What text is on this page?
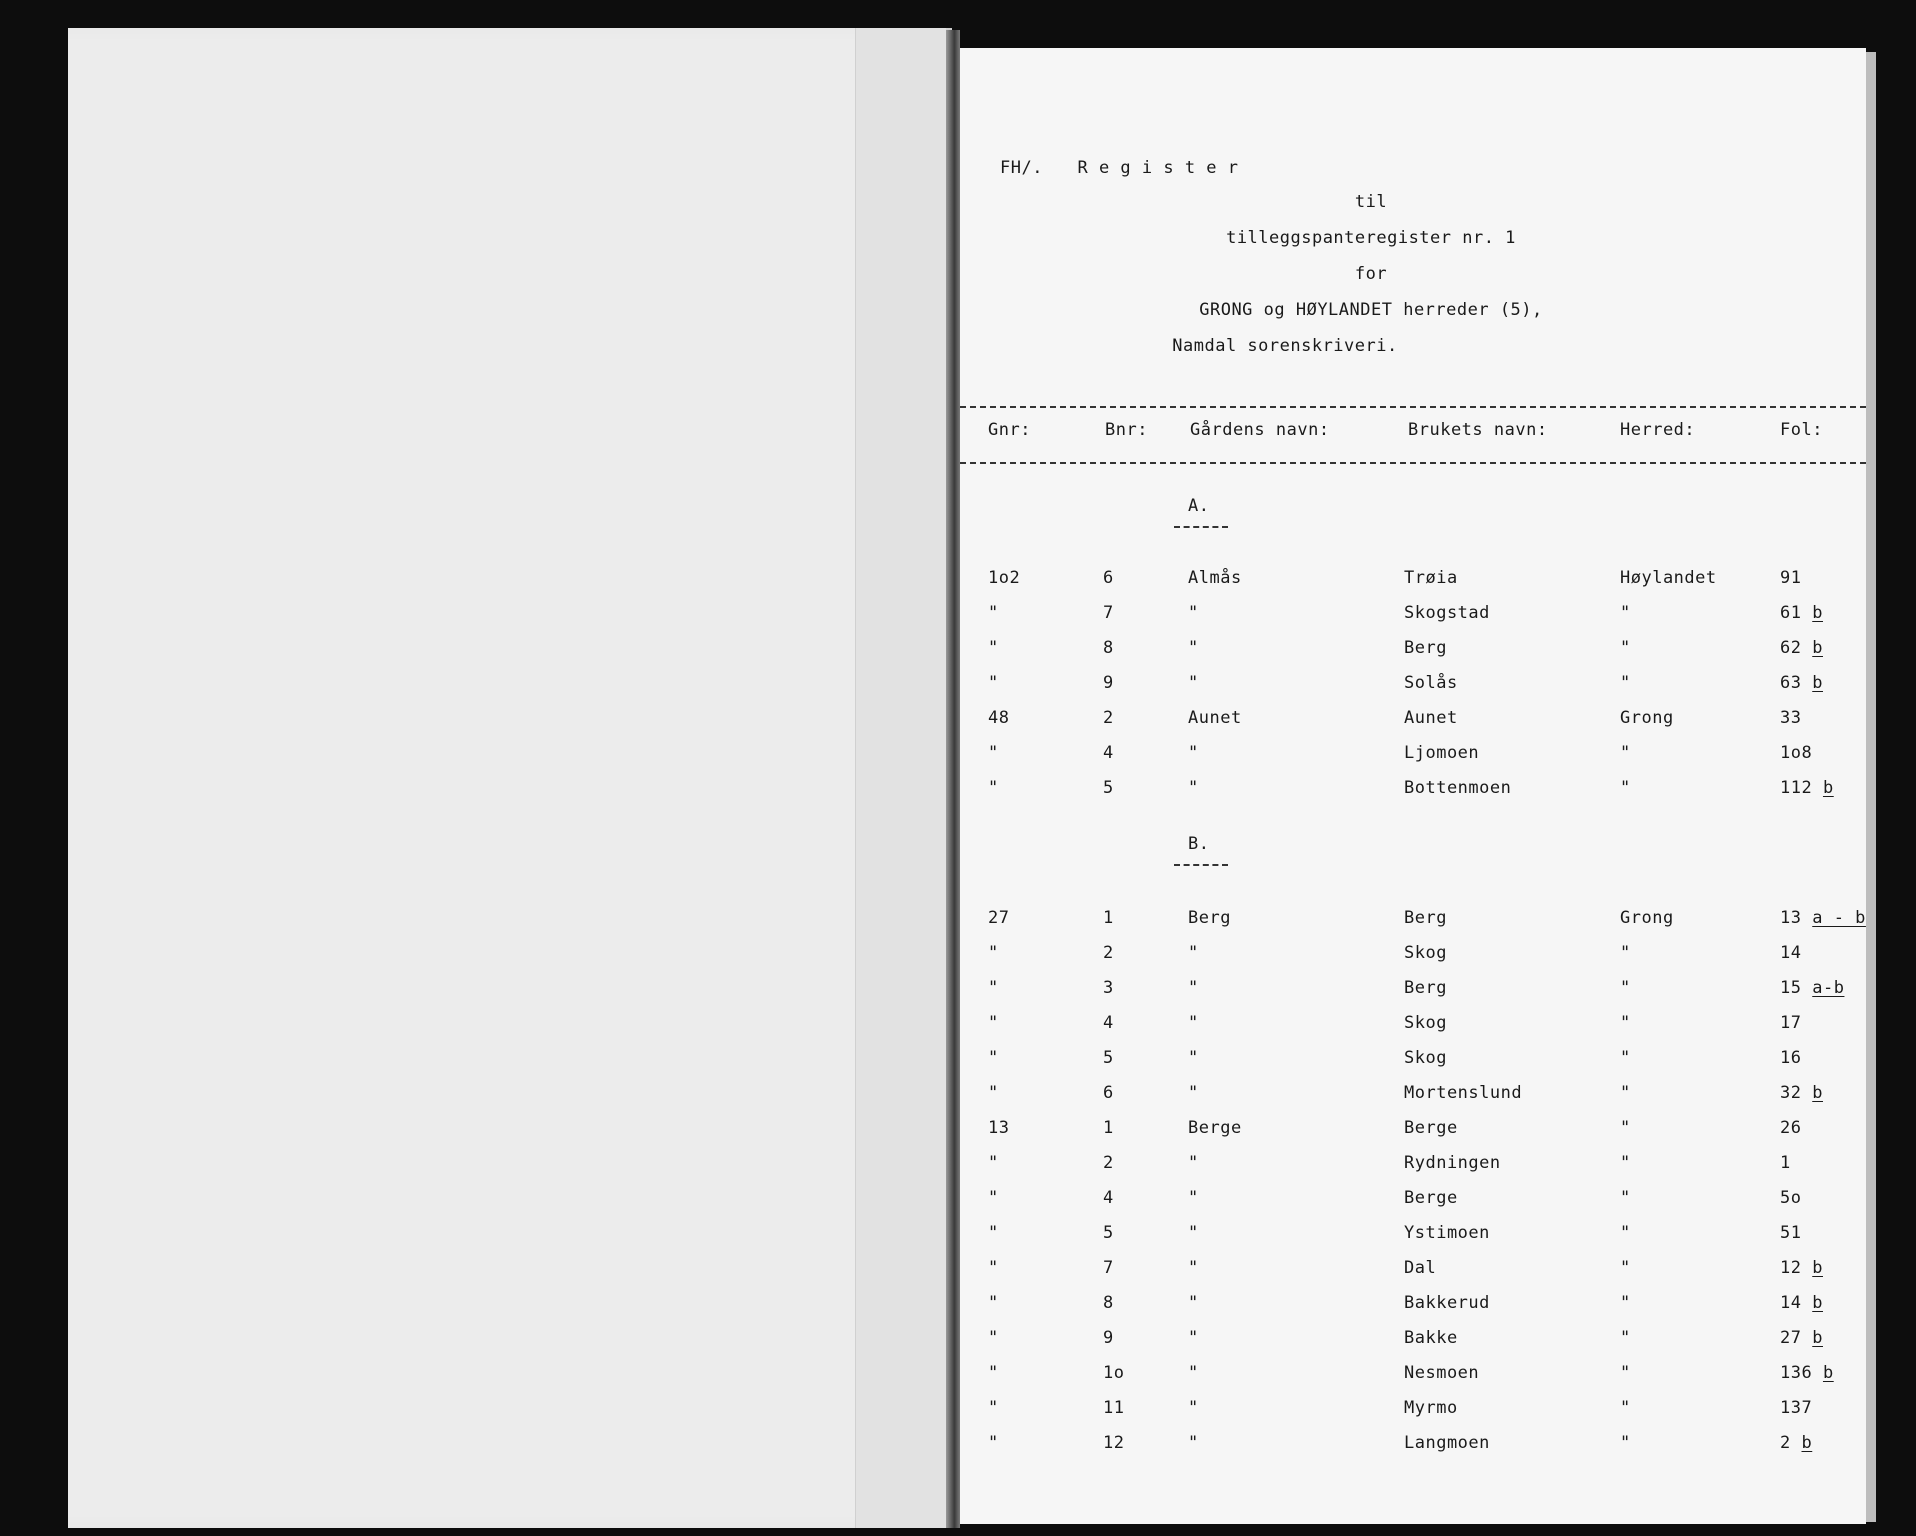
FH/. R e g i s t e r
til
tilleggspanteregister nr. 1
for
GRONG og HØYLANDET herreder (5),
Namdal sorenskriveri.
Gnr:	Bnr: Gårdens navn:	Brukets navn:	Herred:	Fol:
A.
1o2	6	Almås	Trøia	Høylandet	91
"	7	"	Skogstad	"	61 b
"	8	"	Berg	"	62 b
"	9	"	Solås	"	63 b
48	2	Aunet	Aunet	Grong	33
"	4	"	Ljomoen	"	1o8
"	5	"	Bottenmoen	"	112 b
B.
27	1	Berg	Berg	Grong	13 a - b
"	2	"	Skog	"	14
"	3	"	Berg	"	15 a-b
"	4	"	Skog	"	17
"	5	"	Skog	"	16
"	6	"	Mortenslund	"	32 b
13	1	Berge	Berge	"	26
"	2	"	Rydningen	"	1
"	4	"	Berge	"	5o
"	5	"	Ystimoen	"	51
"	7	"	Dal	"	12 b
"	8	"	Bakkerud	"	14 b
"	9	"	Bakke	"	27 b
"	1o	"	Nesmoen	"	136 b
"	11	"	Myrmo	"	137
"	12	"	Langmoen	"	2 b
